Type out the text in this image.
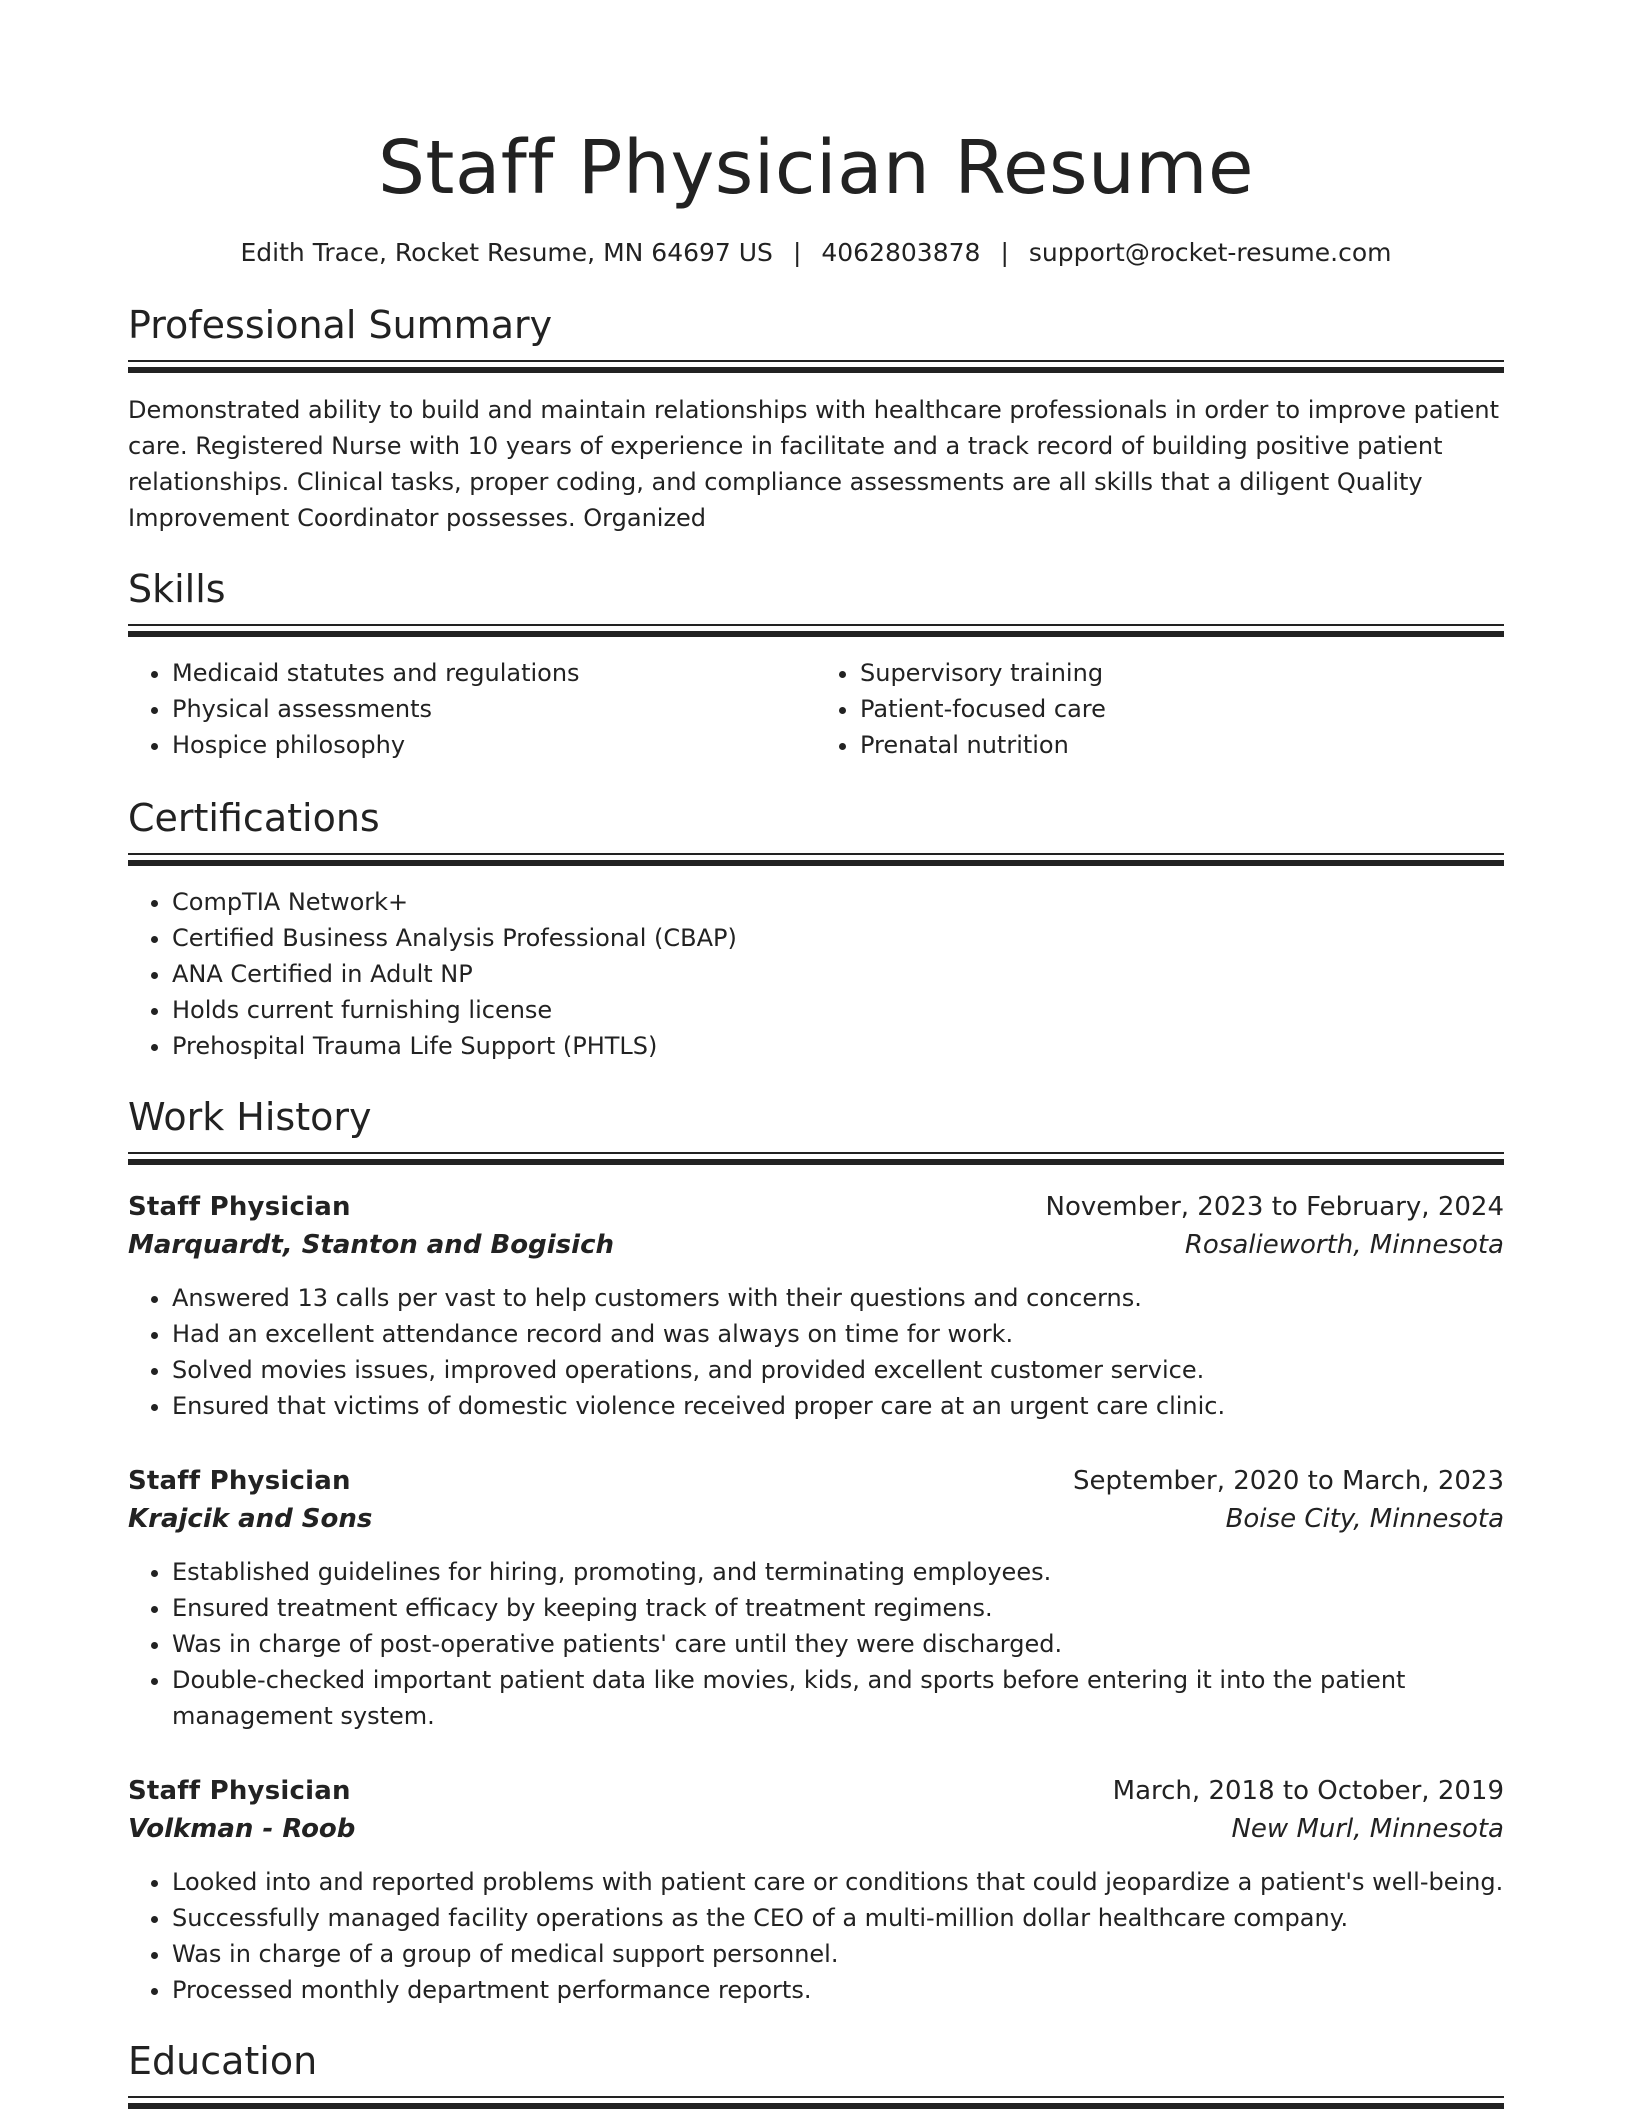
Staff Physician Resume
Edith Trace, Rocket Resume, MN 64697 US | 4062803878 | support@rocket-resume.com
Professional Summary

Demonstrated ability to build and maintain relationships with healthcare professionals in order to improve patient care. Registered Nurse with 10 years of experience in facilitate and a track record of building positive patient relationships. Clinical tasks, proper coding, and compliance assessments are all skills that a diligent Quality Improvement Coordinator possesses. Organized

Skills
• Medicaid statutes and regulations
• Physical assessments
• Hospice philosophy
• Supervisory training
• Patient-focused care
• Prenatal nutrition
Certifications
• CompTIA Network+
• Certified Business Analysis Professional (CBAP)
• ANA Certified in Adult NP
• Holds current furnishing license
• Prehospital Trauma Life Support (PHTLS)
Work History
Staff Physician	November, 2023 to February, 2024
Marquardt, Stanton and Bogisich	Rosalieworth, Minnesota
• Answered 13 calls per vast to help customers with their questions and concerns.
• Had an excellent attendance record and was always on time for work.
• Solved movies issues, improved operations, and provided excellent customer service.
• Ensured that victims of domestic violence received proper care at an urgent care clinic.
Staff Physician	September, 2020 to March, 2023
Krajcik and Sons	Boise City, Minnesota
• Established guidelines for hiring, promoting, and terminating employees.
• Ensured treatment efficacy by keeping track of treatment regimens.
• Was in charge of post-operative patients' care until they were discharged.
• Double-checked important patient data like movies, kids, and sports before entering it into the patient management system.
Staff Physician	March, 2018 to October, 2019
Volkman - Roob	New Murl, Minnesota
• Looked into and reported problems with patient care or conditions that could jeopardize a patient's well-being.
• Successfully managed facility operations as the CEO of a multi-million dollar healthcare company.
• Was in charge of a group of medical support personnel.
• Processed monthly department performance reports.
Education
